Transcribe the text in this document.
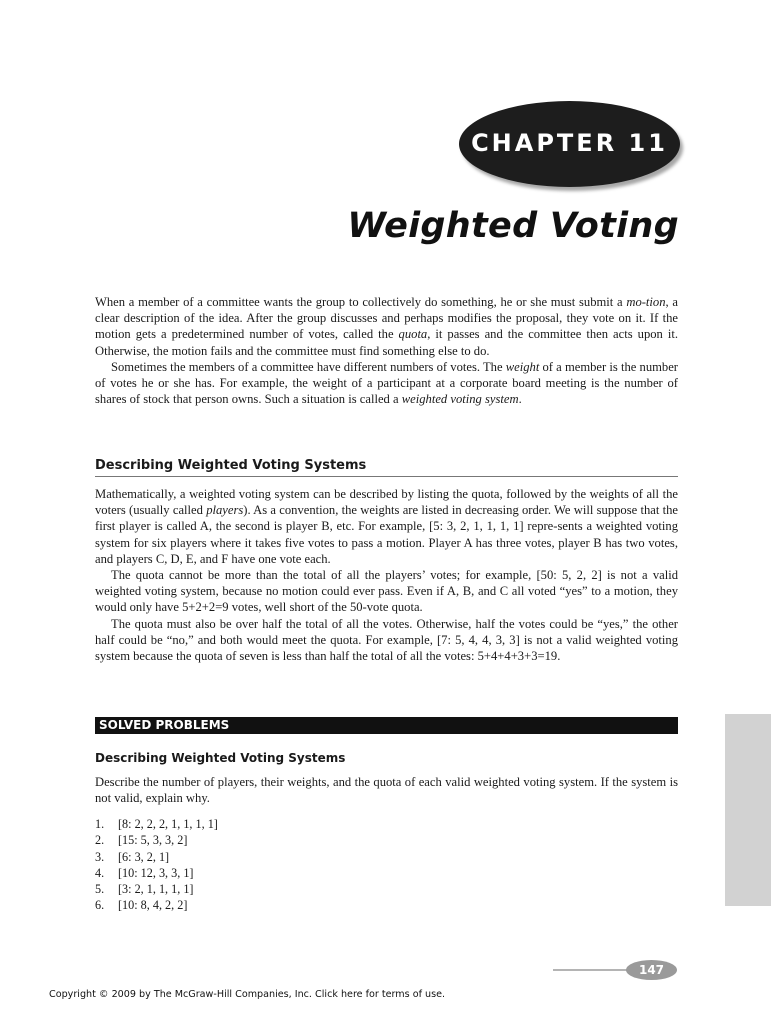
CHAPTER 11
Weighted Voting

When a member of a committee wants the group to collectively do something, he or she must submit a mo-tion, a clear description of the idea. After the group discusses and perhaps modifies the proposal, they vote on it. If the motion gets a predetermined number of votes, called the quota, it passes and the committee then acts upon it. Otherwise, the motion fails and the committee must find something else to do.

Sometimes the members of a committee have different numbers of votes. The weight of a member is the number of votes he or she has. For example, the weight of a participant at a corporate board meeting is the number of shares of stock that person owns. Such a situation is called a weighted voting system.

Describing Weighted Voting Systems

Mathematically, a weighted voting system can be described by listing the quota, followed by the weights of all the voters (usually called players). As a convention, the weights are listed in decreasing order. We will suppose that the first player is called A, the second is player B, etc. For example, [5: 3, 2, 1, 1, 1, 1] repre-sents a weighted voting system for six players where it takes five votes to pass a motion. Player A has three votes, player B has two votes, and players C, D, E, and F have one vote each.

The quota cannot be more than the total of all the players’ votes; for example, [50: 5, 2, 2] is not a valid weighted voting system, because no motion could ever pass. Even if A, B, and C all voted “yes” to a motion, they would only have 5+2+2=9 votes, well short of the 50-vote quota.

The quota must also be over half the total of all the votes. Otherwise, half the votes could be “yes,” the other half could be “no,” and both would meet the quota. For example, [7: 5, 4, 4, 3, 3] is not a valid weighted voting system because the quota of seven is less than half the total of all the votes: 5+4+4+3+3=19.

SOLVED PROBLEMS
Describing Weighted Voting Systems

Describe the number of players, their weights, and the quota of each valid weighted voting system. If the system is not valid, explain why.

1.	[8: 2, 2, 2, 1, 1, 1, 1]
2.	[15: 5, 3, 3, 2]
3.	[6: 3, 2, 1]
4.	[10: 12, 3, 3, 1]
5.	[3: 2, 1, 1, 1, 1]
6.	[10: 8, 4, 2, 2]
147

Copyright © 2009 by The McGraw-Hill Companies, Inc. Click here for terms of use.
